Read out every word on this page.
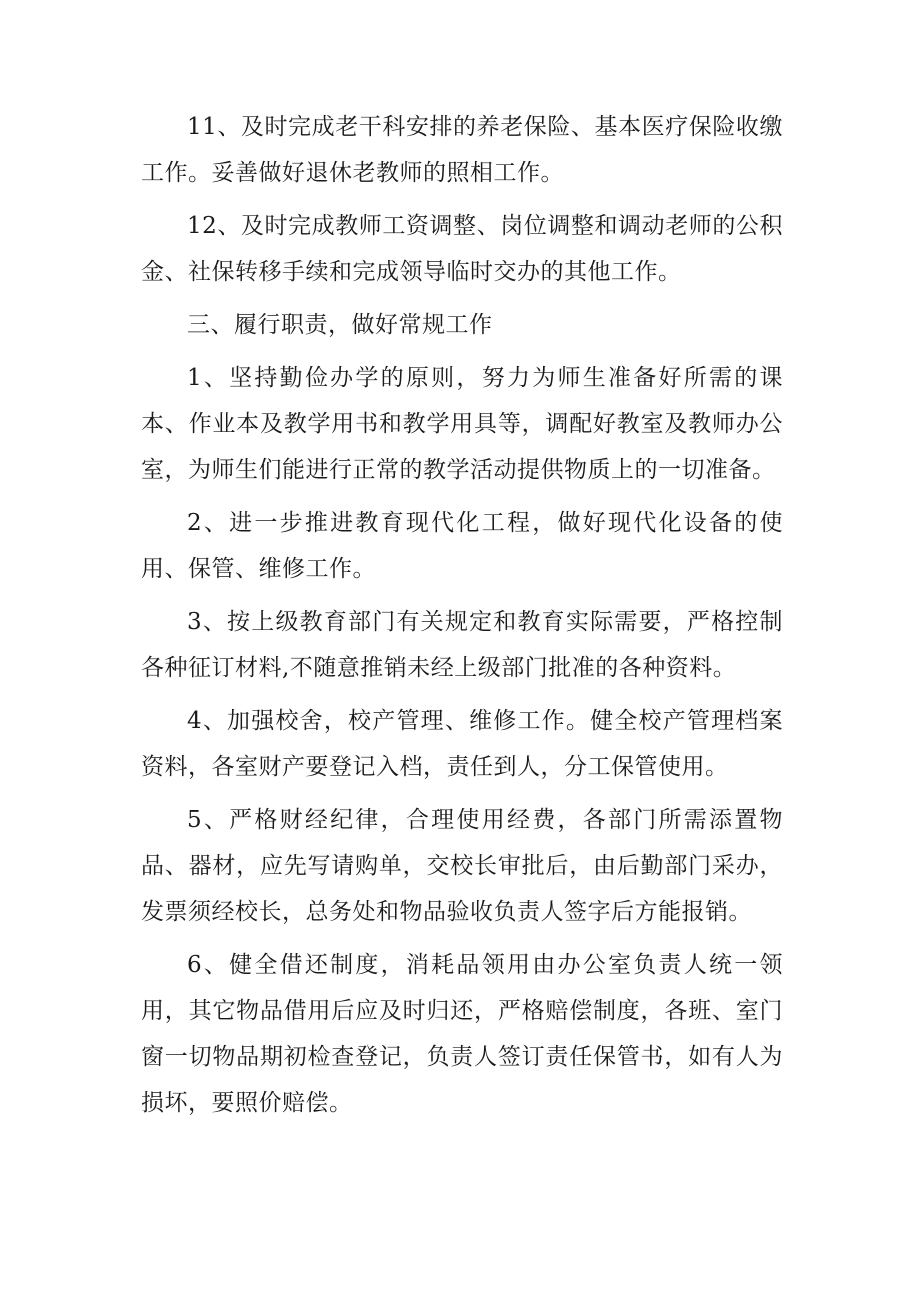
11、及时完成老干科安排的养老保险、基本医疗保险收缴工作。妥善做好退休老教师的照相工作。

12、及时完成教师工资调整、岗位调整和调动老师的公积金、社保转移手续和完成领导临时交办的其他工作。

三、履行职责，做好常规工作

1、坚持勤俭办学的原则，努力为师生准备好所需的课本、作业本及教学用书和教学用具等，调配好教室及教师办公室，为师生们能进行正常的教学活动提供物质上的一切准备。

2、进一步推进教育现代化工程，做好现代化设备的使用、保管、维修工作。

3、按上级教育部门有关规定和教育实际需要，严格控制各种征订材料,不随意推销未经上级部门批准的各种资料。

4、加强校舍，校产管理、维修工作。健全校产管理档案资料，各室财产要登记入档，责任到人，分工保管使用。

5、严格财经纪律，合理使用经费，各部门所需添置物品、器材，应先写请购单，交校长审批后，由后勤部门采办，发票须经校长，总务处和物品验收负责人签字后方能报销。

6、健全借还制度，消耗品领用由办公室负责人统一领用，其它物品借用后应及时归还，严格赔偿制度，各班、室门窗一切物品期初检查登记，负责人签订责任保管书，如有人为损坏，要照价赔偿。
